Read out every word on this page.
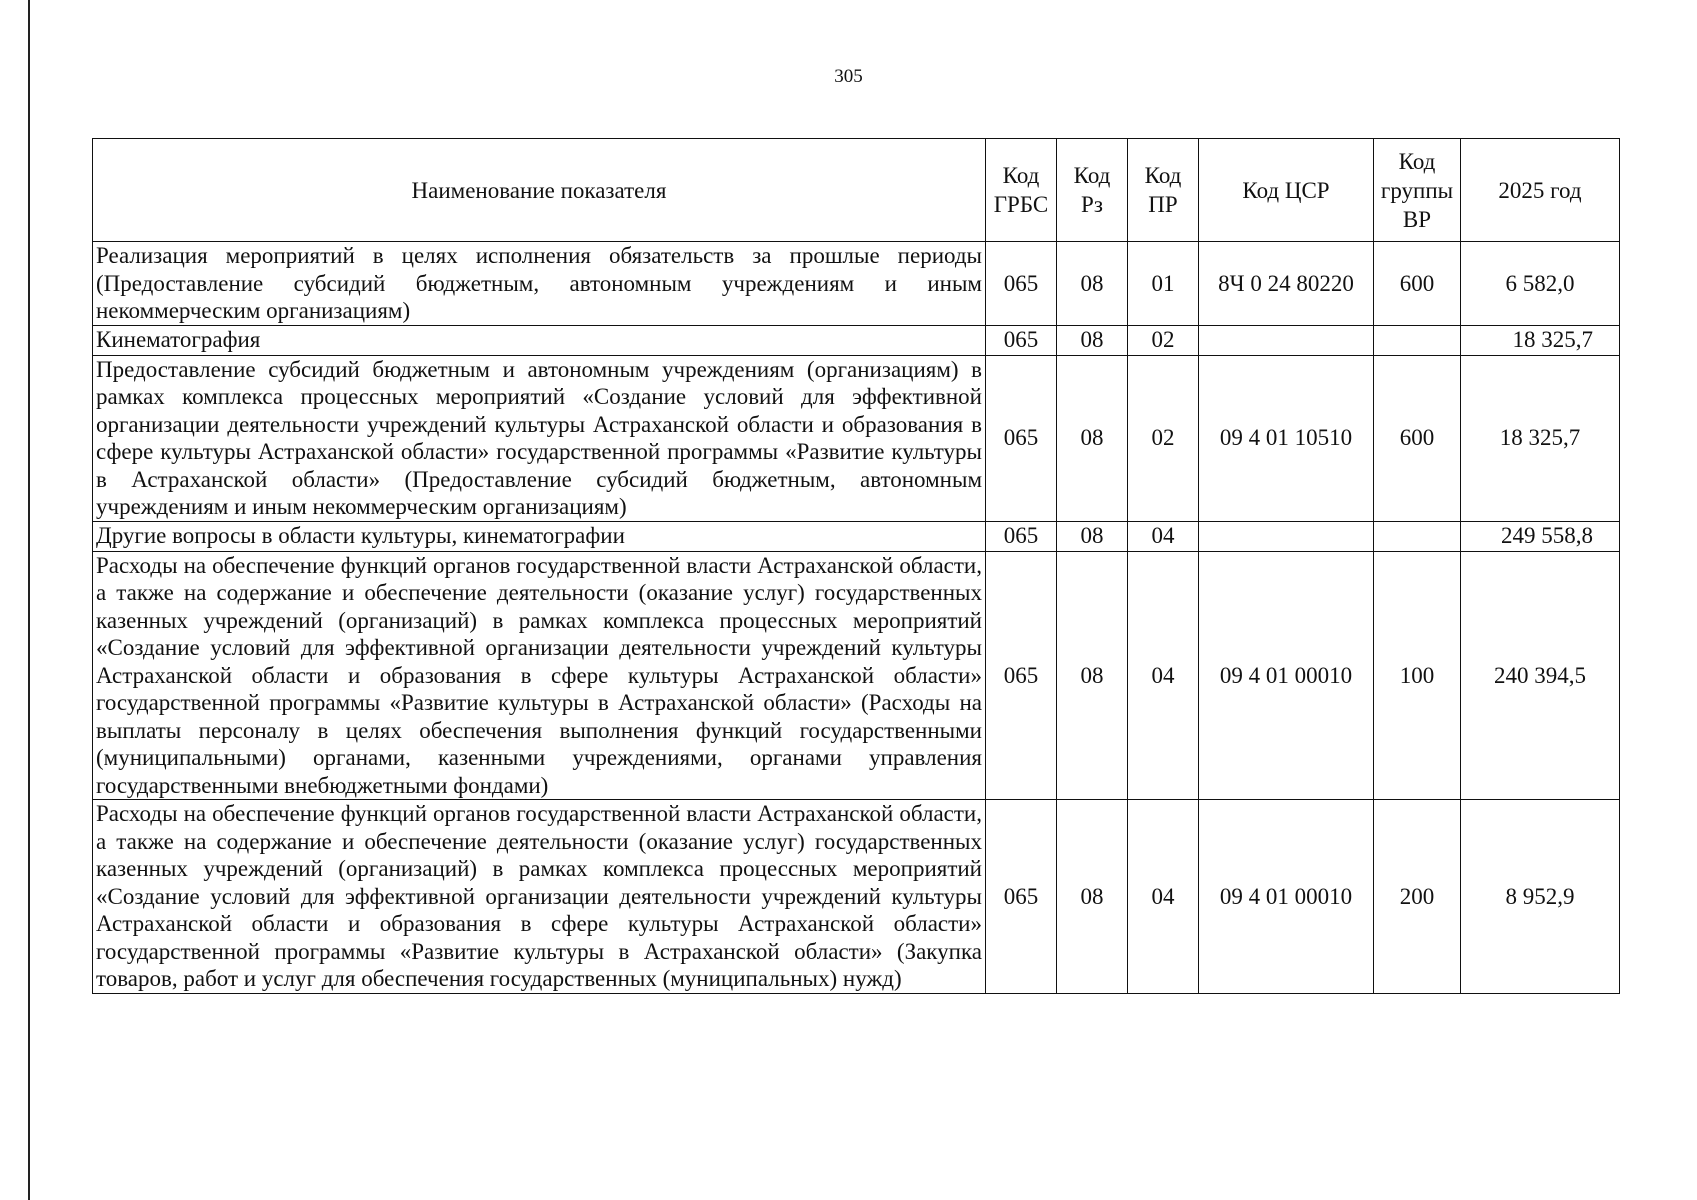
305
Наименование показателя	Код ГРБС	Код Рз	Код ПР	Код ЦСР	Код группы ВР	2025 год
Реализация мероприятий в целях исполнения обязательств за прошлые периоды (Предоставление субсидий бюджетным, автономным учреждениям и иным некоммерческим организациям)	065	08	01	8Ч 0 24 80220	600	6 582,0
Кинематография	065	08	02			18 325,7
Предоставление субсидий бюджетным и автономным учреждениям (организациям) в рамках комплекса процессных мероприятий «Создание условий для эффективной организации деятельности учреждений культуры Астраханской области и образования в сфере культуры Астраханской области» государственной программы «Развитие культуры в Астраханской области» (Предоставление субсидий бюджетным, автономным учреждениям и иным некоммерческим организациям)	065	08	02	09 4 01 10510	600	18 325,7
Другие вопросы в области культуры, кинематографии	065	08	04			249 558,8
Расходы на обеспечение функций органов государственной власти Астраханской области, а также на содержание и обеспечение деятельности (оказание услуг) государственных казенных учреждений (организаций) в рамках комплекса процессных мероприятий «Создание условий для эффективной организации деятельности учреждений культуры Астраханской области и образования в сфере культуры Астраханской области» государственной программы «Развитие культуры в Астраханской области» (Расходы на выплаты персоналу в целях обеспечения выполнения функций государственными (муниципальными) органами, казенными учреждениями, органами управления государственными внебюджетными фондами)	065	08	04	09 4 01 00010	100	240 394,5
Расходы на обеспечение функций органов государственной власти Астраханской области, а также на содержание и обеспечение деятельности (оказание услуг) государственных казенных учреждений (организаций) в рамках комплекса процессных мероприятий «Создание условий для эффективной организации деятельности учреждений культуры Астраханской области и образования в сфере культуры Астраханской области» государственной программы «Развитие культуры в Астраханской области» (Закупка товаров, работ и услуг для обеспечения государственных (муниципальных) нужд)	065	08	04	09 4 01 00010	200	8 952,9
